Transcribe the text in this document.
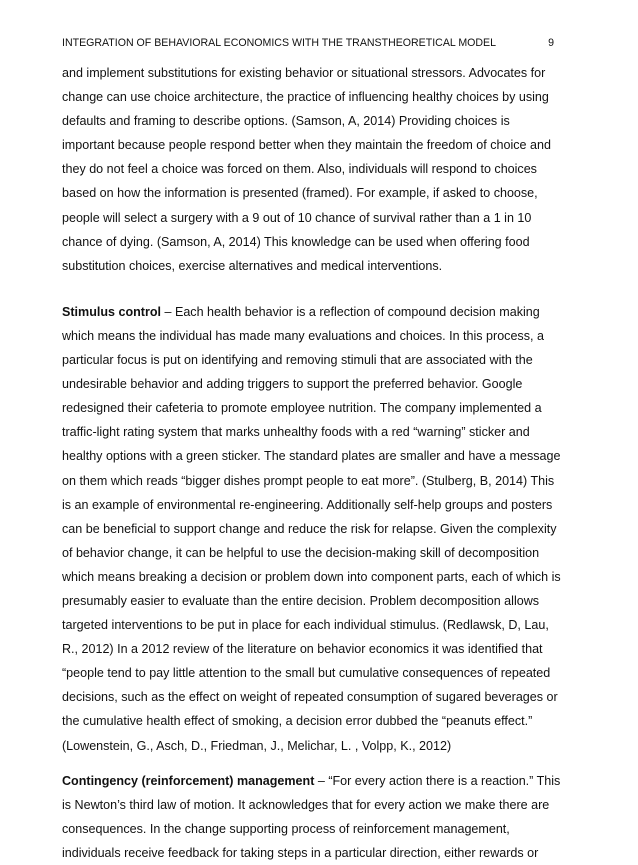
INTEGRATION OF BEHAVIORAL ECONOMICS WITH THE TRANSTHEORETICAL MODEL	9

and implement substitutions for existing behavior or situational stressors. Advocates for
change can use choice architecture, the practice of influencing healthy choices by using
defaults and framing to describe options. (Samson, A, 2014) Providing choices is
important because people respond better when they maintain the freedom of choice and
they do not feel a choice was forced on them. Also, individuals will respond to choices
based on how the information is presented (framed). For example, if asked to choose,
people will select a surgery with a 9 out of 10 chance of survival rather than a 1 in 10
chance of dying. (Samson, A, 2014) This knowledge can be used when offering food
substitution choices, exercise alternatives and medical interventions.

Stimulus control – Each health behavior is a reflection of compound decision making
which means the individual has made many evaluations and choices. In this process, a
particular focus is put on identifying and removing stimuli that are associated with the
undesirable behavior and adding triggers to support the preferred behavior. Google
redesigned their cafeteria to promote employee nutrition. The company implemented a
traffic-light rating system that marks unhealthy foods with a red “warning” sticker and
healthy options with a green sticker. The standard plates are smaller and have a message
on them which reads “bigger dishes prompt people to eat more”. (Stulberg, B, 2014) This
is an example of environmental re-engineering. Additionally self-help groups and posters
can be beneficial to support change and reduce the risk for relapse. Given the complexity
of behavior change, it can be helpful to use the decision-making skill of decomposition
which means breaking a decision or problem down into component parts, each of which is
presumably easier to evaluate than the entire decision. Problem decomposition allows
targeted interventions to be put in place for each individual stimulus. (Redlawsk, D, Lau,
R., 2012) In a 2012 review of the literature on behavior economics it was identified that
“people tend to pay little attention to the small but cumulative consequences of repeated
decisions, such as the effect on weight of repeated consumption of sugared beverages or
the cumulative health effect of smoking, a decision error dubbed the “peanuts effect.”
(Lowenstein, G., Asch, D., Friedman, J., Melichar, L. , Volpp, K., 2012)

Contingency (reinforcement) management – “For every action there is a reaction.” This
is Newton’s third law of motion. It acknowledges that for every action we make there are
consequences. In the change supporting process of reinforcement management,
individuals receive feedback for taking steps in a particular direction, either rewards or
